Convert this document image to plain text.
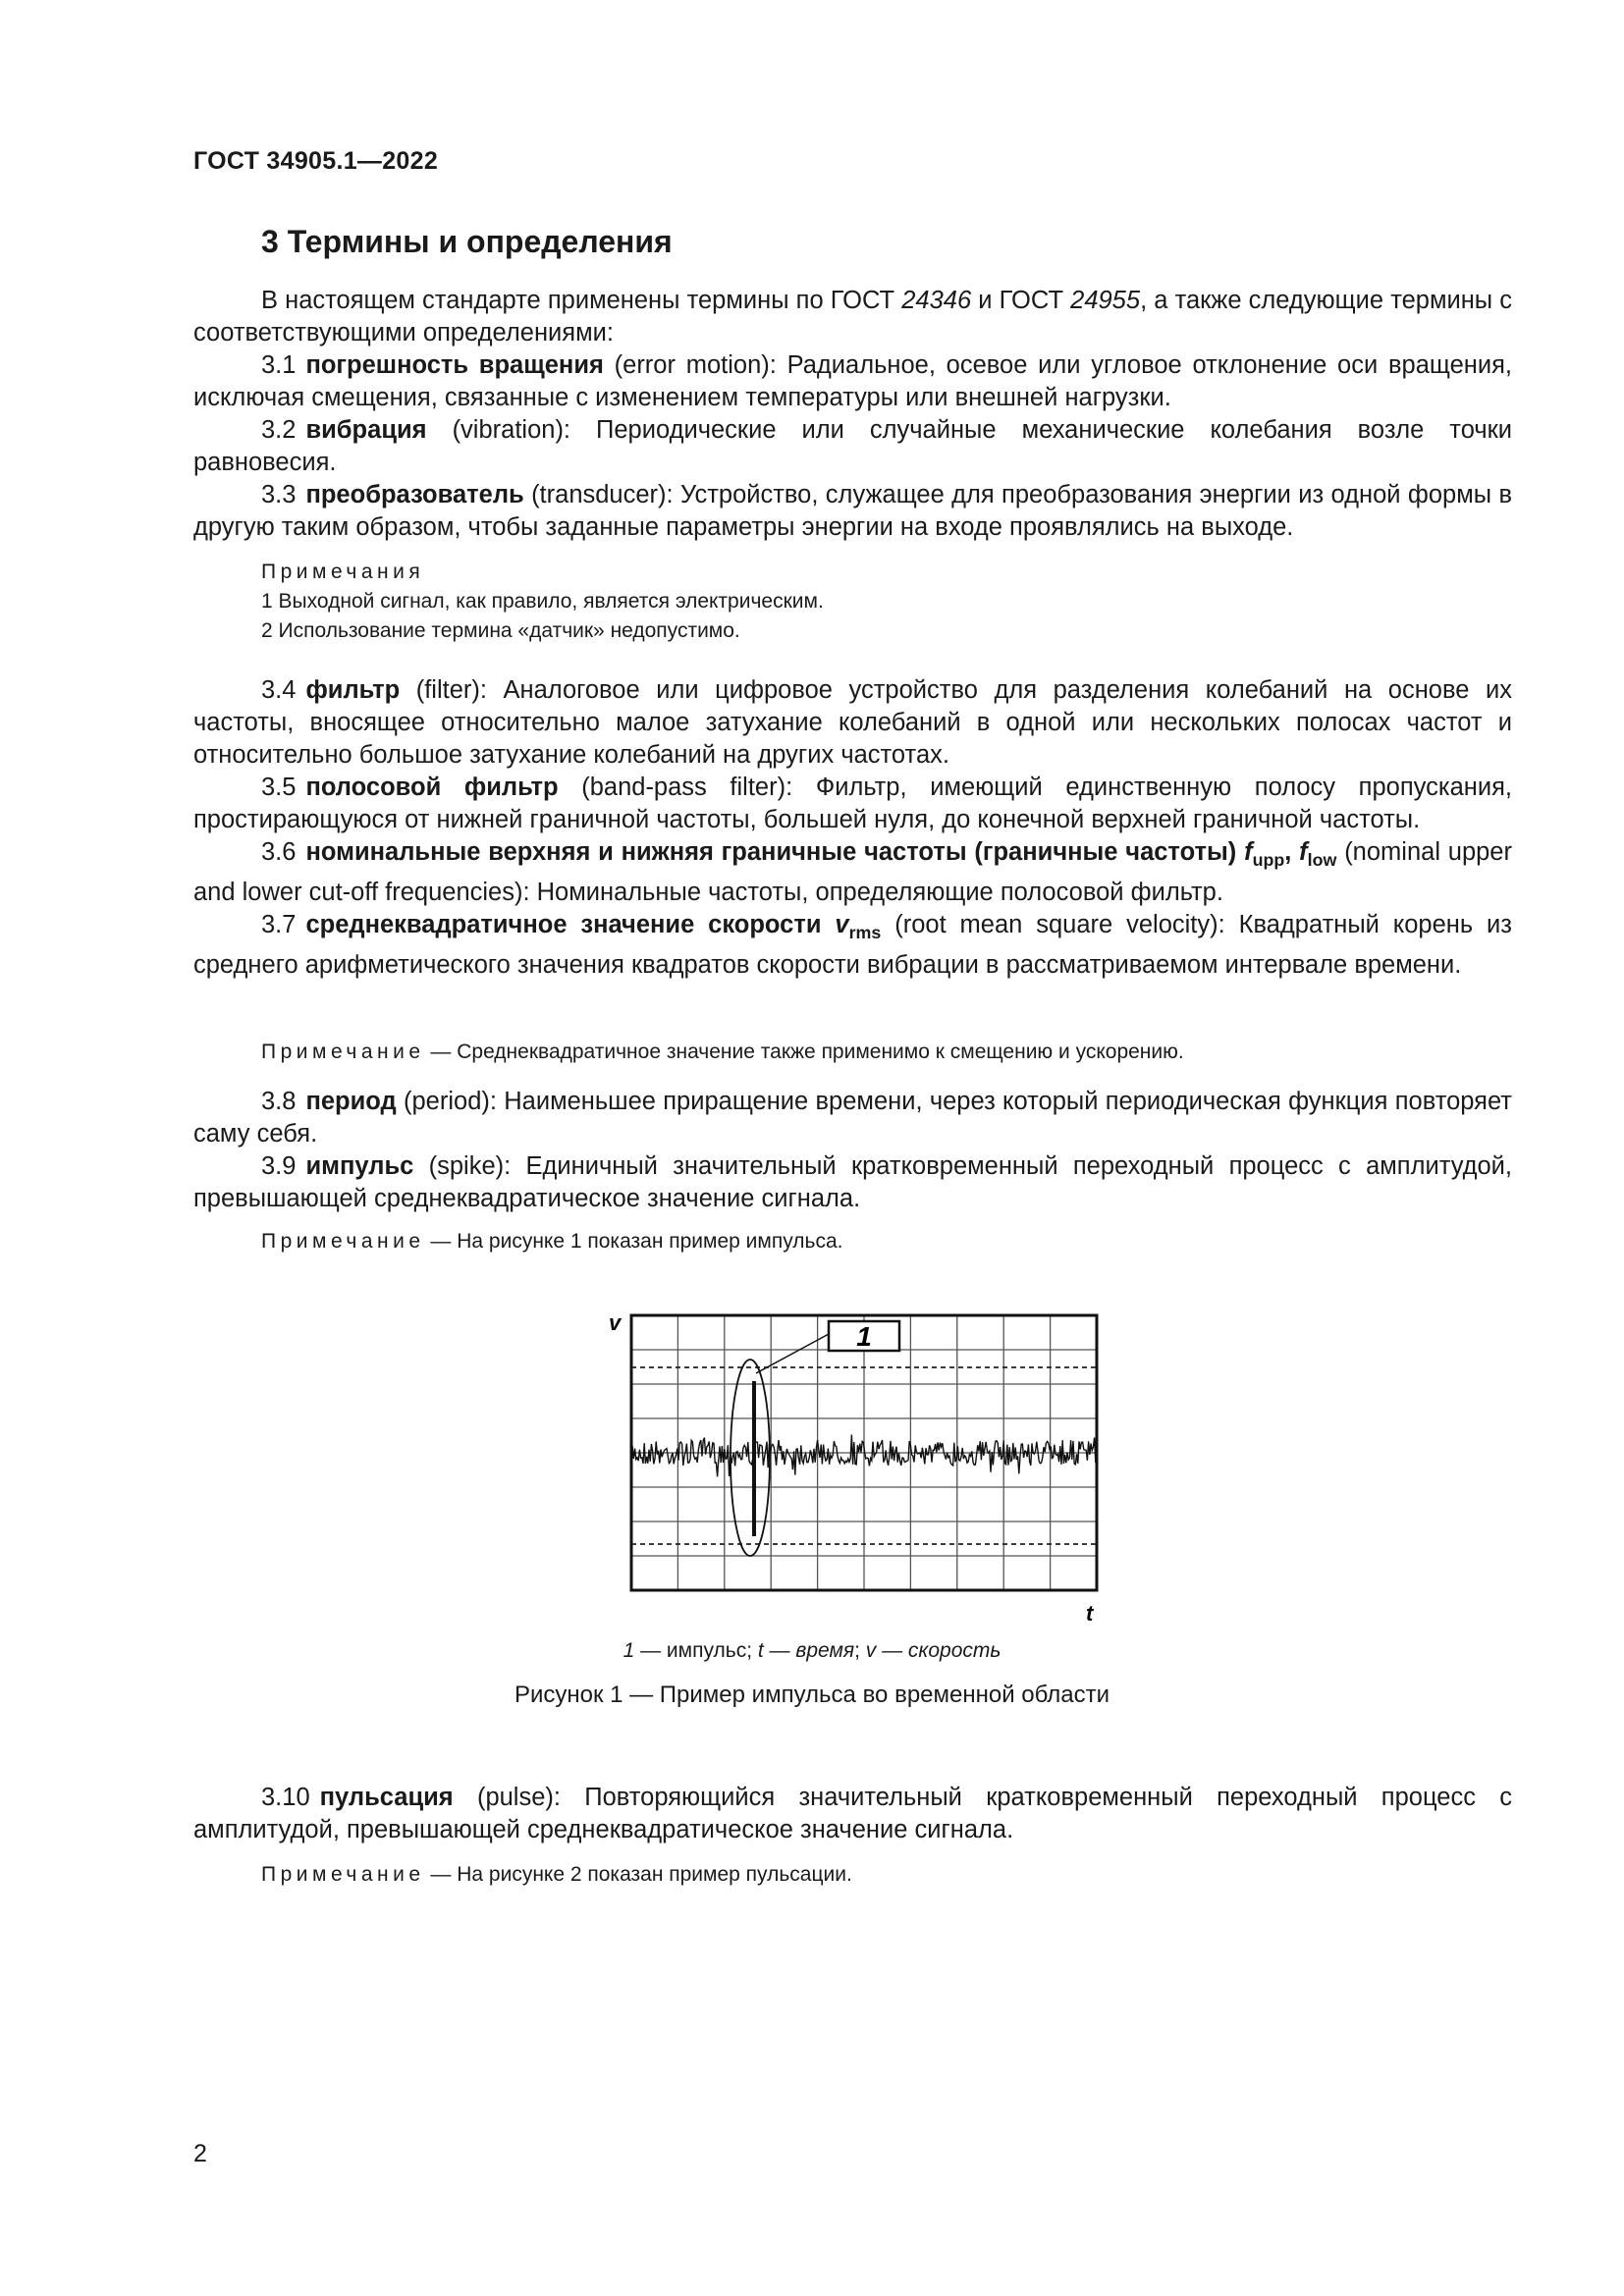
ГОСТ 34905.1—2022
3 Термины и определения

В настоящем стандарте применены термины по ГОСТ 24346 и ГОСТ 24955, а также следующие термины с соответствующими определениями:

3.1 погрешность вращения (error motion): Радиальное, осевое или угловое отклонение оси вращения, исключая смещения, связанные с изменением температуры или внешней нагрузки.

3.2 вибрация (vibration): Периодические или случайные механические колебания возле точки равновесия.

3.3 преобразователь (transducer): Устройство, служащее для преобразования энергии из одной формы в другую таким образом, чтобы заданные параметры энергии на входе проявлялись на выходе.

Примечания

1 Выходной сигнал, как правило, является электрическим.

2 Использование термина «датчик» недопустимо.

3.4 фильтр (filter): Аналоговое или цифровое устройство для разделения колебаний на основе их частоты, вносящее относительно малое затухание колебаний в одной или нескольких полосах частот и относительно большое затухание колебаний на других частотах.

3.5 полосовой фильтр (band-pass filter): Фильтр, имеющий единственную полосу пропускания, простирающуюся от нижней граничной частоты, большей нуля, до конечной верхней граничной частоты.

3.6 номинальные верхняя и нижняя граничные частоты (граничные частоты) $f_{upp}$, $f_{low}$ (nominal upper and lower cut-off frequencies): Номинальные частоты, определяющие полосовой фильтр.

3.7 среднеквадратичное значение скорости $v_{rms}$ (root mean square velocity): Квадратный корень из среднего арифметического значения квадратов скорости вибрации в рассматриваемом интервале времени.

Примечание — Среднеквадратичное значение также применимо к смещению и ускорению.

3.8 период (period): Наименьшее приращение времени, через который периодическая функция повторяет саму себя.

3.9 импульс (spike): Единичный значительный кратковременный переходный процесс с амплитудой, превышающей среднеквадратическое значение сигнала.

Примечание — На рисунке 1 показан пример импульса.

1
v
t
1 — импульс; t — время; v — скорость
Рисунок 1 — Пример импульса во временной области

3.10 пульсация (pulse): Повторяющийся значительный кратковременный переходный процесс с амплитудой, превышающей среднеквадратическое значение сигнала.

Примечание — На рисунке 2 показан пример пульсации.

2
